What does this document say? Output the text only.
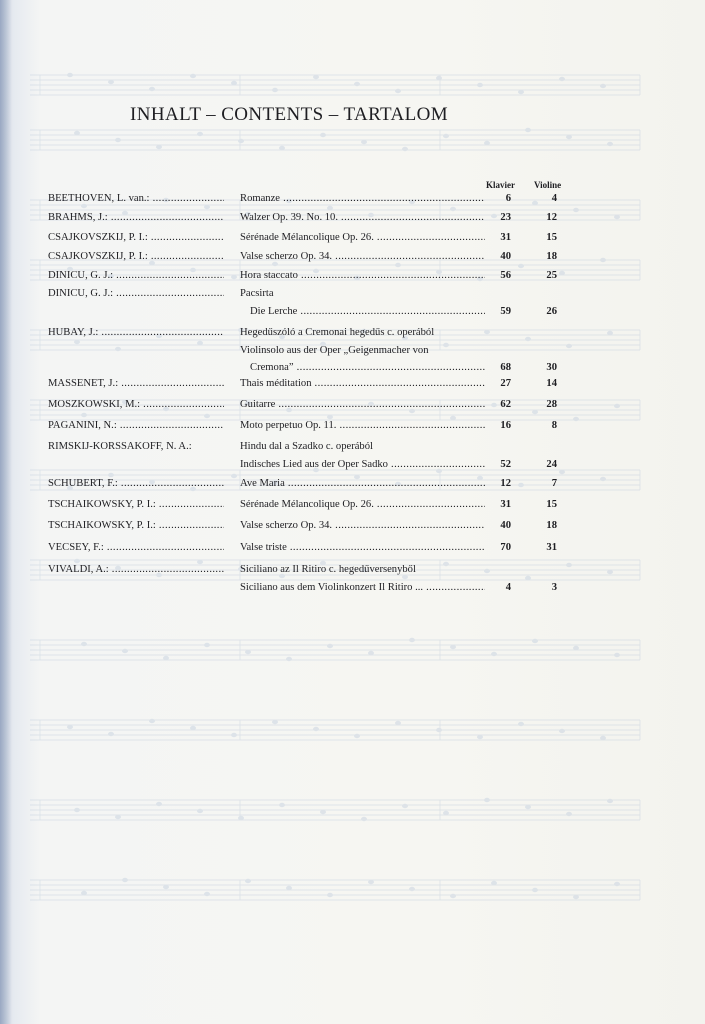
INHALT – CONTENTS – TARTALOM
Klavier Violine
BEETHOVEN, L. van.: .....	Romanze .....	6	4
BRAHMS, J.: .....	Walzer Op. 39. No. 10. .....	23	12
CSAJKOVSZKIJ, P. I.: .....	Sérénade Mélancolique Op. 26. .....	31	15
CSAJKOVSZKIJ, P. I.: .....	Valse scherzo Op. 34. .....	40	18
DINICU, G. J.: .....	Hora staccato .....	56	25
DINICU, G. J.: .....	Pacsirta
Die Lerche .....	59	26
HUBAY, J.: .....	Hegedűszóló a Cremonai hegedűs c. operából
Violinsolo aus der Oper „Geigenmacher von
Cremona” .....	68	30
MASSENET, J.: .....	Thais méditation .....	27	14
MOSZKOWSKI, M.: .....	Guitarre .....	62	28
PAGANINI, N.: .....	Moto perpetuo Op. 11. .....	16	8
RIMSKIJ-KORSSAKOFF, N. A.:	Hindu dal a Szadko c. operából
Indisches Lied aus der Oper Sadko .....	52	24
SCHUBERT, F.: .....	Ave Maria .....	12	7
TSCHAIKOWSKY, P. I.: .....	Sérénade Mélancolique Op. 26. .....	31	15
TSCHAIKOWSKY, P. I.: .....	Valse scherzo Op. 34. .....	40	18
VECSEY, F.: .....	Valse triste .....	70	31
VIVALDI, A.: .....	Siciliano az Il Ritiro c. hegedűversenyből
Siciliano aus dem Violinkonzert Il Ritiro ... .....	4	3
